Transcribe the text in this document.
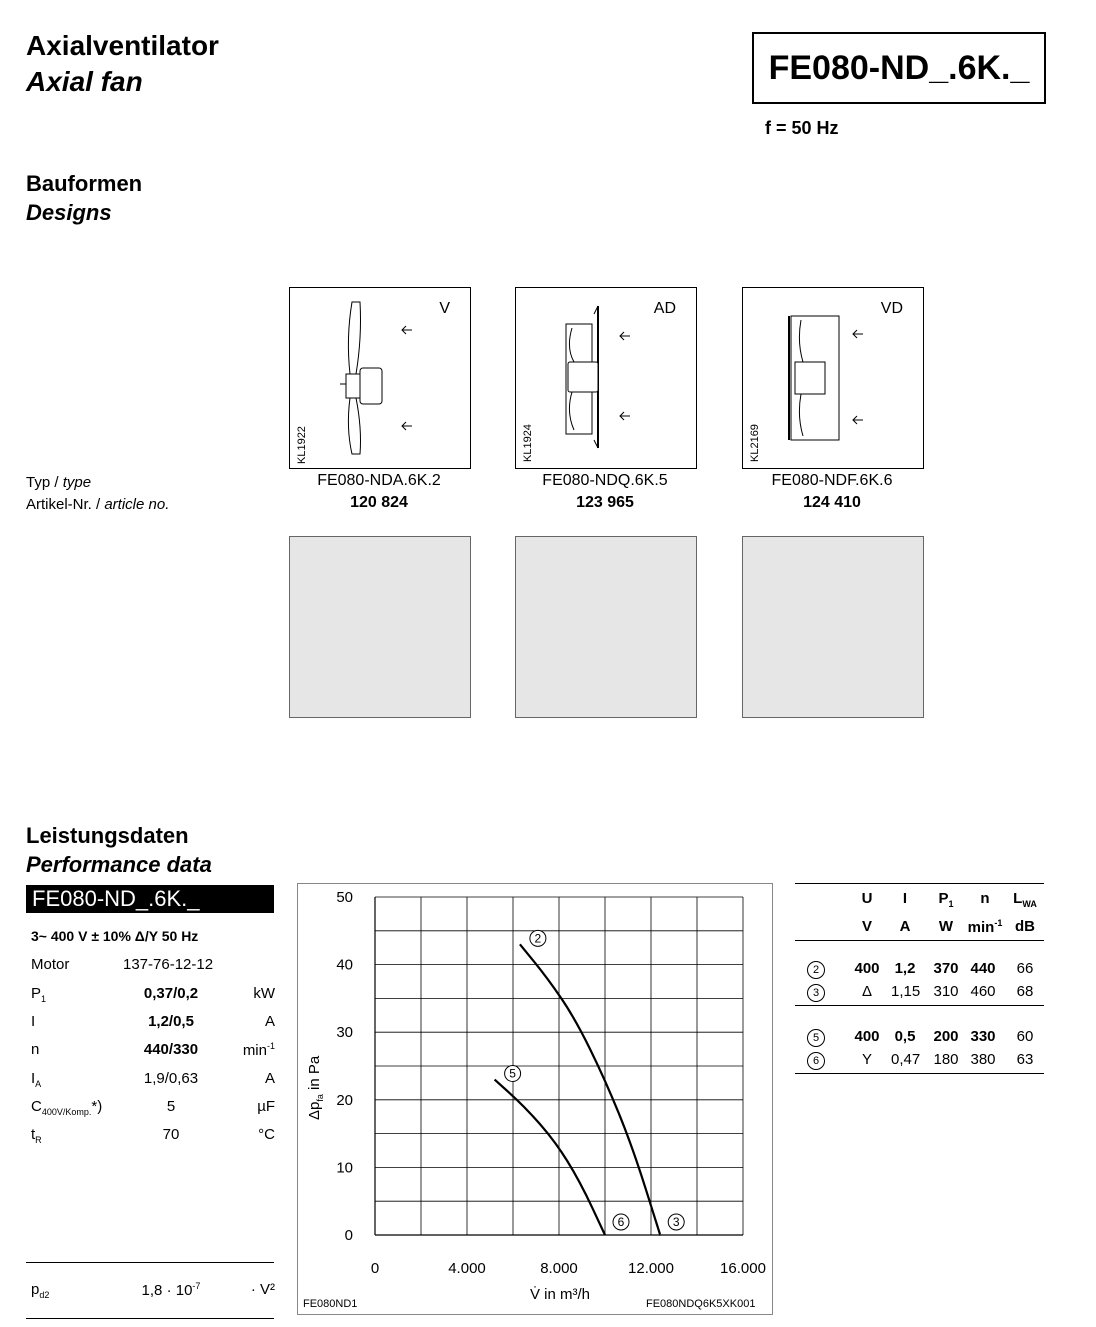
Axialventilator
Axial fan	FE080-ND_.6K._
f = 50 Hz
Bauformen
Designs
V
KL1922
AD
KL1924
VD
KL2169
Typ / type
Artikel-Nr. / article no.
FE080-NDA.6K.2
120 824
FE080-NDQ.6K.5
123 965
FE080-NDF.6K.6
124 410
Leistungsdaten
Performance data
FE080-ND_.6K._
3~ 400 V ± 10% Δ/Y 50 Hz
Motor	137-76-12-12
$P_1$	0,37/0,2	kW
I	1,2/0,5	A
n	440/330	$\min^{-1}$
$I_A$	1,9/0,63	A
$C_{400V/Komp.}*$)	5	µF
$t_R$	70	°C
$p_{d2}$	$1,8 \cdot 10^{-7}$	· V²
0	4.000	8.000	12.000	16.000
0
10
20
30
40
50
2
3
5
6
FE080ND1	FE080NDQ6K5XK001
V̇ in m³/h
$\Delta p_{fa}$ in Pa
U	I	$P_1$	n	$L_{WA}$
V	A	W $\min^{-1}$ dB
2	400 1,2 370 440	66
3	Δ	1,15 310 460	68
5	400 0,5 200 330	60
6	Y	0,47 180 380	63
